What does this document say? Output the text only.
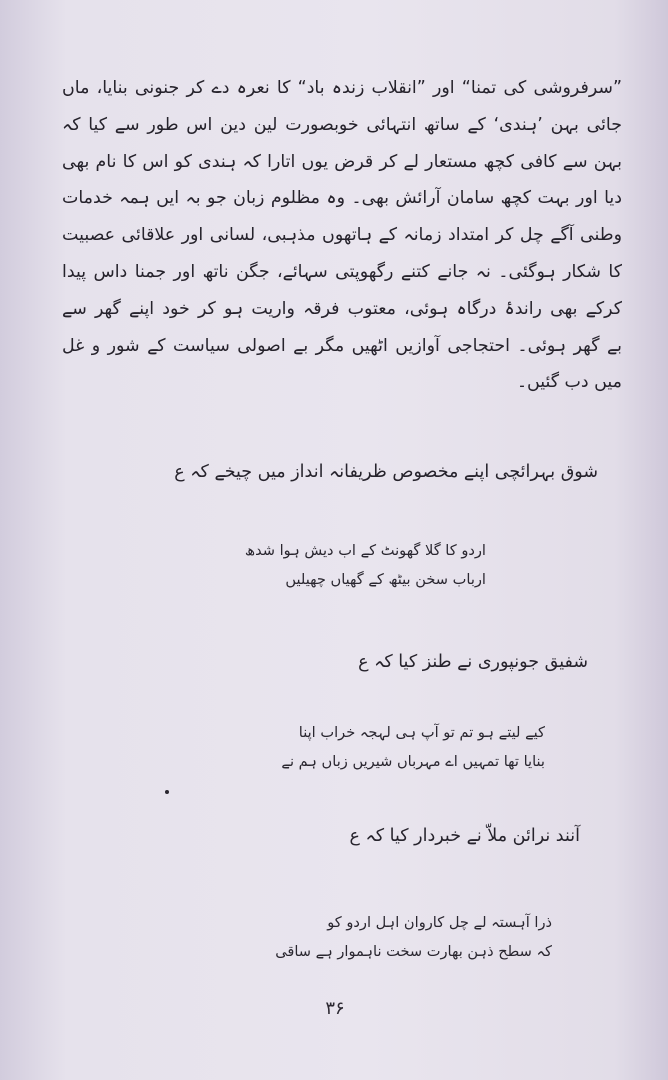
”سرفروشی کی تمنا“ اور ”انقلاب زندہ باد“ کا نعرہ دے کر جنونی بنایا، ماں
جائی بہن ’ہندی‘ کے ساتھ انتہائی خوبصورت لین دین اس طور سے کیا کہ
بہن سے کافی کچھ مستعار لے کر قرض یوں اتارا کہ ہندی کو اس کا نام بھی
دیا اور بہت کچھ سامان آرائش بھی۔ وہ مظلوم زبان جو بہ ایں ہمہ خدمات
وطنی آگے چل کر امتداد زمانہ کے ہاتھوں مذہبی، لسانی اور علاقائی عصبیت
کا شکار ہوگئی۔ نہ جانے کتنے رگھوپتی سہائے، جگن ناتھ اور جمنا داس پیدا
کرکے بھی راندۂ درگاہ ہوئی، معتوب فرقہ واریت ہو کر خود اپنے گھر سے
بے گھر ہوئی۔ احتجاجی آوازیں اٹھیں مگر بے اصولی سیاست کے شور و غل
میں دب گئیں۔
شوق بہرائچی اپنے مخصوص ظریفانہ انداز میں چیخے کہ ع
اردو کا گلا گھونٹ کے اب دیش ہوا شدھ
ارباب سخن بیٹھ کے گھیاں چھیلیں
شفیق جونپوری نے طنز کیا کہ ع
کیے لیتے ہو تم تو آپ ہی لہجہ خراب اپنا
بنایا تھا تمہیں اے مہرباں شیریں زباں ہم نے
آنند نرائن ملاّ نے خبردار کیا کہ ع
ذرا آہستہ لے چل کاروان اہل اردو کو
کہ سطح ذہن بھارت سخت ناہموار ہے ساقی
۳۶
